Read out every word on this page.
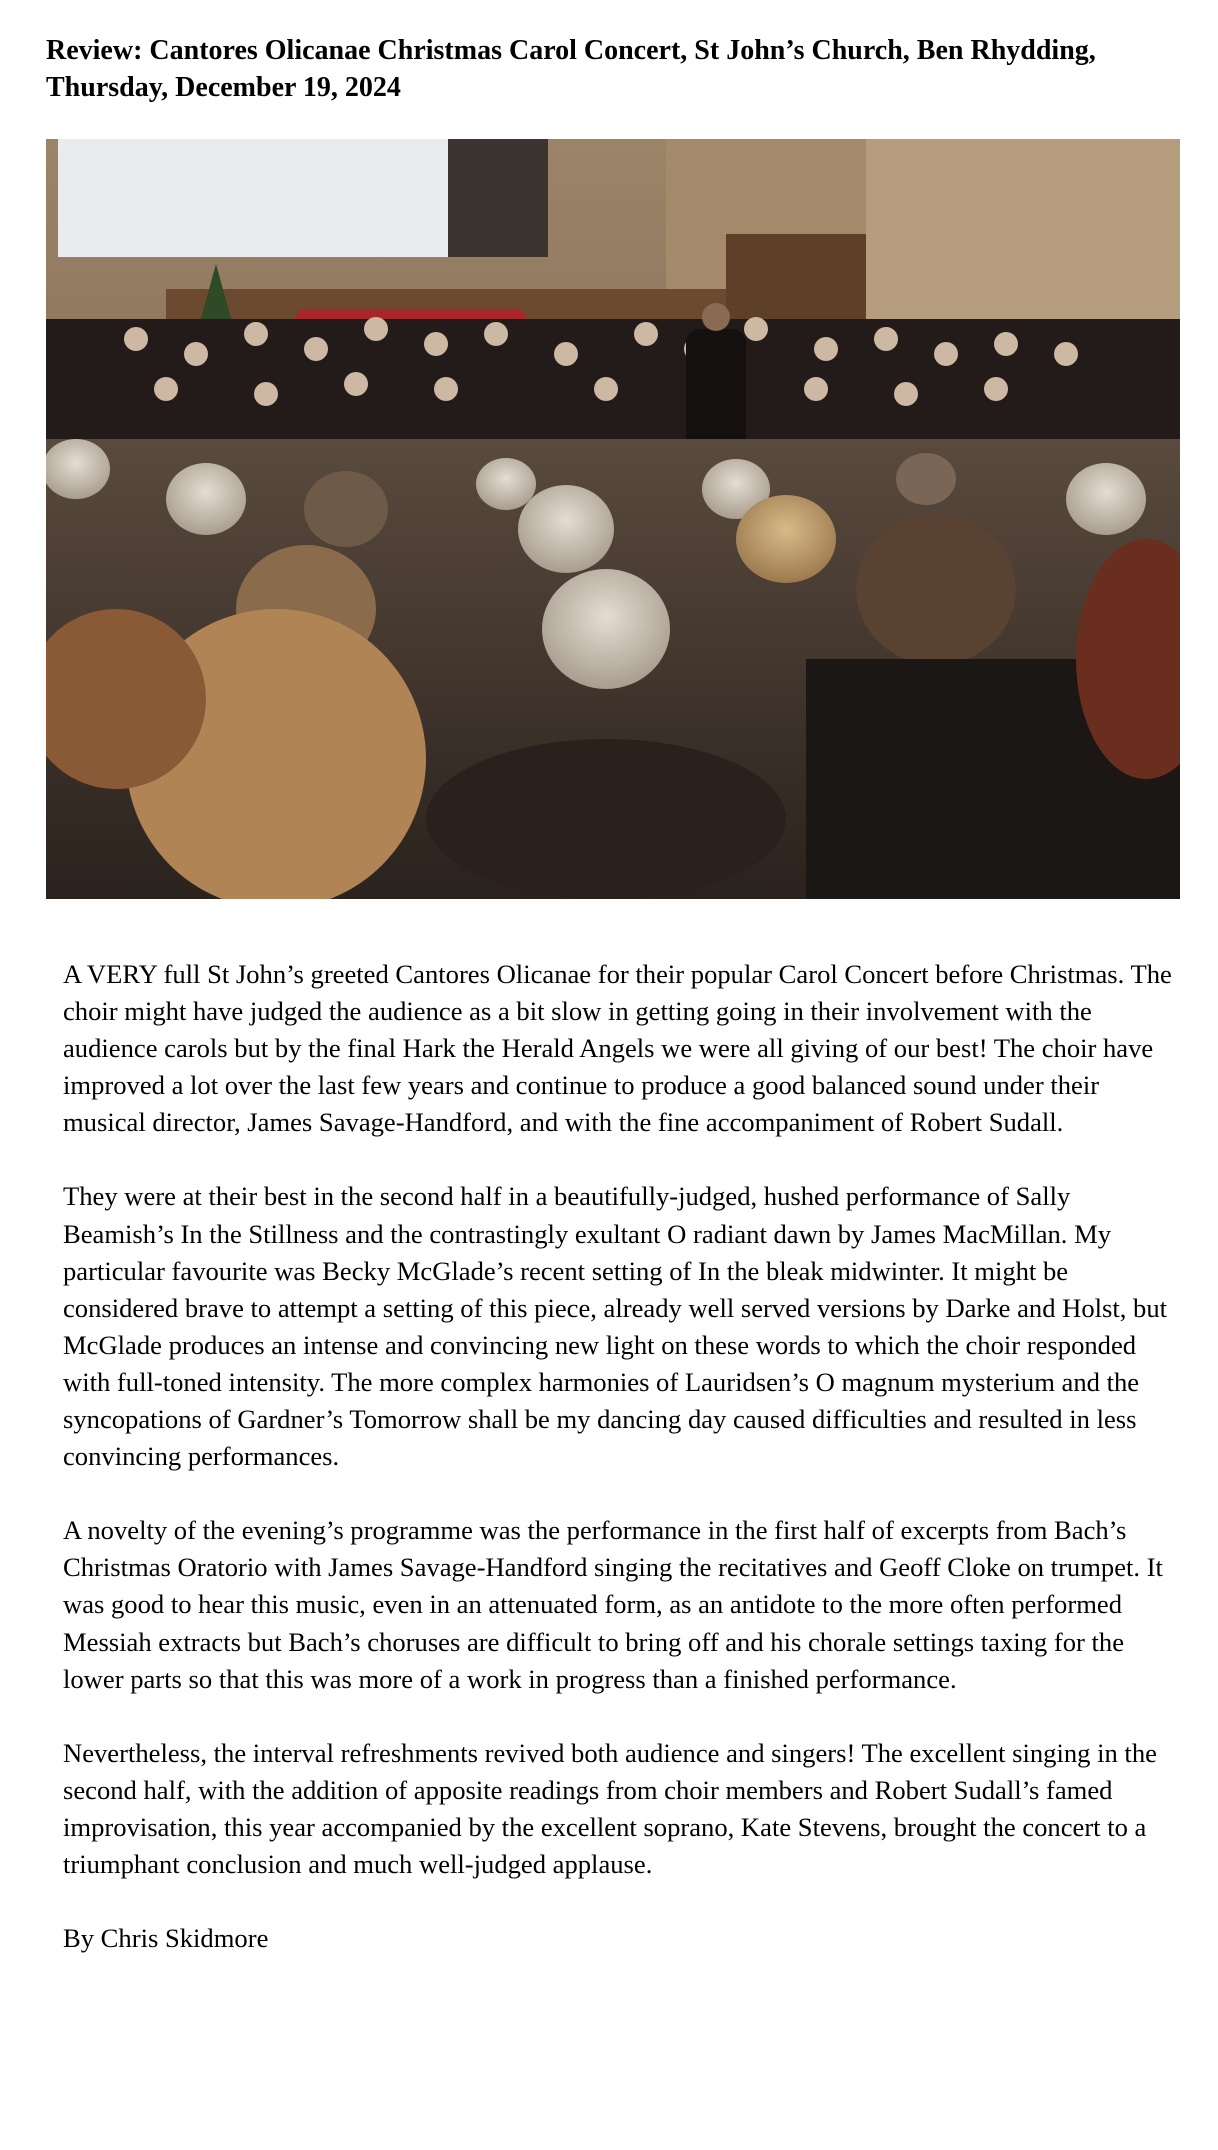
Review: Cantores Olicanae Christmas Carol Concert, St John’s Church, Ben Rhydding, Thursday, December 19, 2024

A VERY full St John’s greeted Cantores Olicanae for their popular Carol Concert before Christmas. The choir might have judged the audience as a bit slow in getting going in their involvement with the audience carols but by the final Hark the Herald Angels we were all giving of our best! The choir have improved a lot over the last few years and continue to produce a good balanced sound under their musical director, James Savage-Handford, and with the fine accompaniment of Robert Sudall.

They were at their best in the second half in a beautifully-judged, hushed performance of Sally Beamish’s In the Stillness and the contrastingly exultant O radiant dawn by James MacMillan. My particular favourite was Becky McGlade’s recent setting of In the bleak midwinter. It might be considered brave to attempt a setting of this piece, already well served versions by Darke and Holst, but McGlade produces an intense and convincing new light on these words to which the choir responded with full-toned intensity. The more complex harmonies of Lauridsen’s O magnum mysterium and the syncopations of Gardner’s Tomorrow shall be my dancing day caused difficulties and resulted in less convincing performances.

A novelty of the evening’s programme was the performance in the first half of excerpts from Bach’s Christmas Oratorio with James Savage-Handford singing the recitatives and Geoff Cloke on trumpet. It was good to hear this music, even in an attenuated form, as an antidote to the more often performed Messiah extracts but Bach’s choruses are difficult to bring off and his chorale settings taxing for the lower parts so that this was more of a work in progress than a finished performance.

Nevertheless, the interval refreshments revived both audience and singers! The excellent singing in the second half, with the addition of apposite readings from choir members and Robert Sudall’s famed improvisation, this year accompanied by the excellent soprano, Kate Stevens, brought the concert to a triumphant conclusion and much well-judged applause.

By Chris Skidmore
